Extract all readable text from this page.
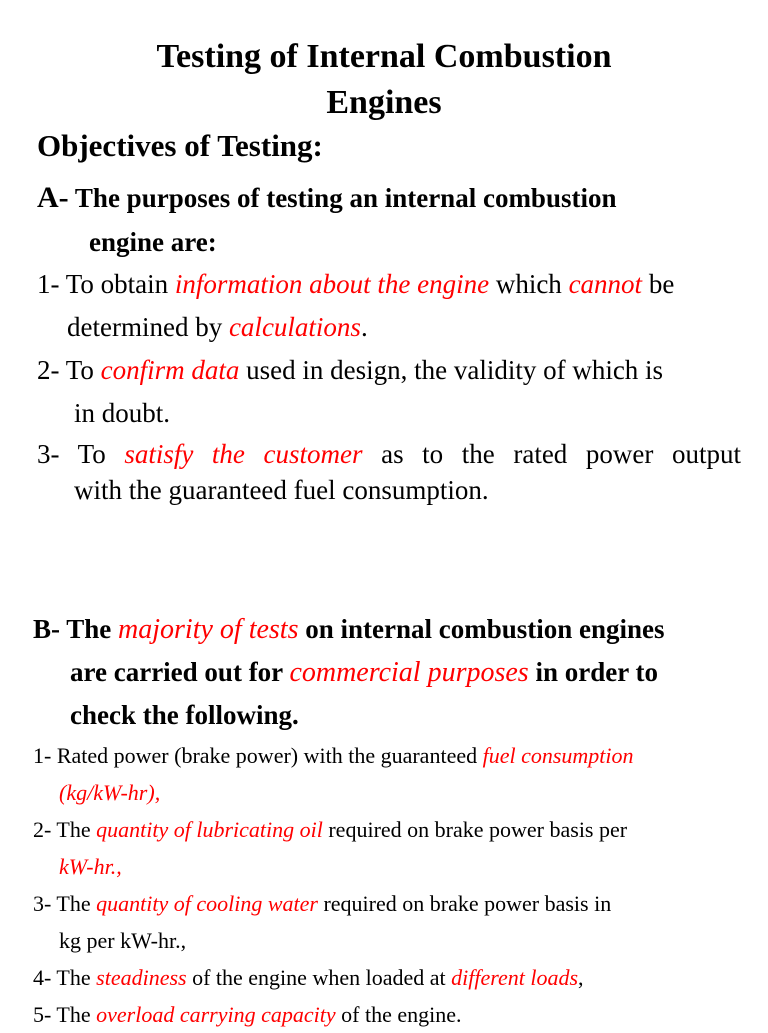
Testing of Internal Combustion
Engines
Objectives of Testing:
A- The purposes of testing an internal combustion
engine are:
1- To obtain information about the engine which cannot be
determined by calculations.
2- To confirm data used in design, the validity of which is
in doubt.
3- To satisfy the customer as to the rated power output
with the guaranteed fuel consumption.
B- The majority of tests on internal combustion engines
are carried out for commercial purposes in order to
check the following.
1- Rated power (brake power) with the guaranteed fuel consumption
(kg/kW-hr),
2- The quantity of lubricating oil required on brake power basis per
kW-hr.,
3- The quantity of cooling water required on brake power basis in
kg per kW-hr.,
4- The steadiness of the engine when loaded at different loads,
5- The overload carrying capacity of the engine.
